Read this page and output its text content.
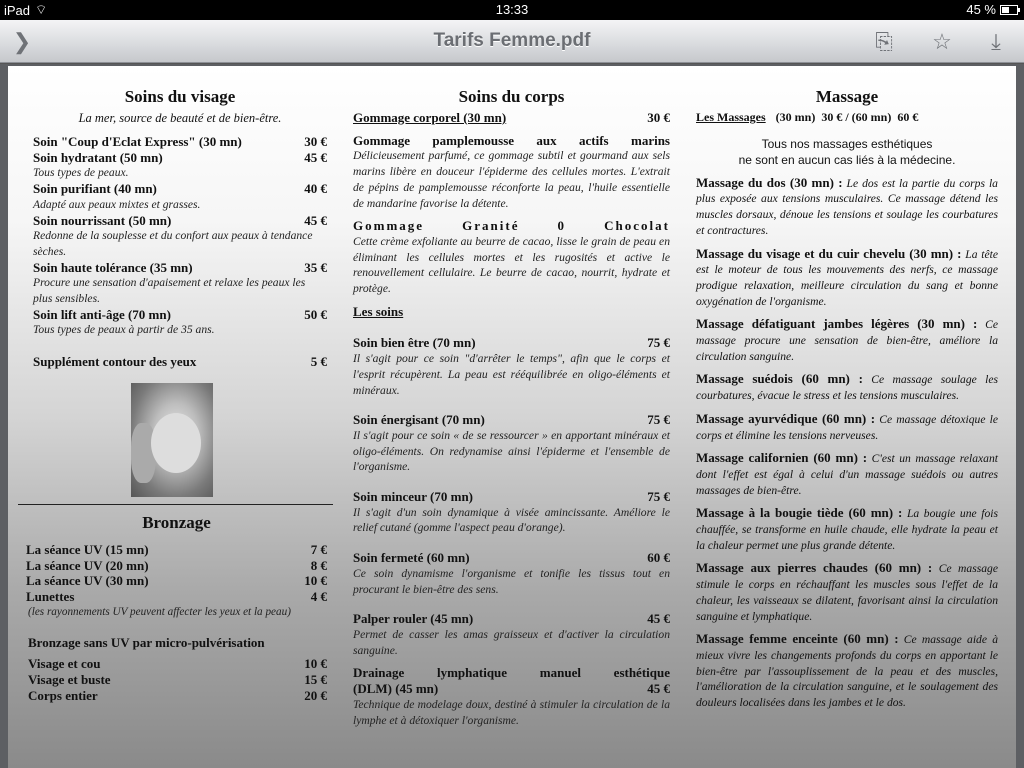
iPad ⌔	13:33	45 %
❯	Tarifs Femme.pdf	⎘ ☆	⤓
Soins du visage
La mer, source de beauté et de bien-être.
Soin "Coup d'Eclat Express" (30 mn)	30 €
Soin hydratant (50 mn)	45 €
Tous types de peaux.
Soin purifiant (40 mn)	40 €
Adapté aux peaux mixtes et grasses.
Soin nourrissant (50 mn)	45 €
Redonne de la souplesse et du confort aux peaux à tendance sèches.
Soin haute tolérance (35 mn)	35 €
Procure une sensation d'apaisement et relaxe les peaux les plus sensibles.
Soin lift anti-âge (70 mn)	50 €
Tous types de peaux à partir de 35 ans.
Supplément contour des yeux	5 €
Bronzage
La séance UV (15 mn)	7 €
La séance UV (20 mn)	8 €
La séance UV (30 mn)	10 €
Lunettes	4 €
(les rayonnements UV peuvent affecter les yeux et la peau)
Bronzage sans UV par micro-pulvérisation
Visage et cou	10 €
Visage et buste	15 €
Corps entier	20 €
Soins du corps
Gommage corporel (30 mn)	30 €
Gommage pamplemousse aux actifs marins
Délicieusement parfumé, ce gommage subtil et gourmand aux sels marins libère en douceur l'épiderme des cellules mortes. L'extrait de pépins de pamplemousse réconforte la peau, l'huile essentielle de mandarine favorise la détente.
Gommage Granité 0 Chocolat
Cette crème exfoliante au beurre de cacao, lisse le grain de peau en éliminant les cellules mortes et les rugosités et active le renouvellement cellulaire. Le beurre de cacao, nourrit, hydrate et protège.
Les soins
Soin bien être (70 mn)	75 €
Il s'agit pour ce soin "d'arrêter le temps", afin que le corps et l'esprit récupèrent. La peau est rééquilibrée en oligo-éléments et minéraux.
Soin énergisant (70 mn)	75 €
Il s'agit pour ce soin « de se ressourcer » en apportant minéraux et oligo-éléments. On redynamise ainsi l'épiderme et l'ensemble de l'organisme.
Soin minceur (70 mn)	75 €
Il s'agit d'un soin dynamique à visée amincissante. Améliore le relief cutané (gomme l'aspect peau d'orange).
Soin fermeté (60 mn)	60 €
Ce soin dynamisme l'organisme et tonifie les tissus tout en procurant le bien-être des sens.
Palper rouler (45 mn)	45 €
Permet de casser les amas graisseux et d'activer la circulation sanguine.
Drainage lymphatique manuel esthétique
(DLM) (45 mn)	45 €
Technique de modelage doux, destiné à stimuler la circulation de la lymphe et à détoxiquer l'organisme.
Massage
Les Massages (30 mn)  30 € / (60 mn)  60 €
Tous nos massages esthétiques
ne sont en aucun cas liés à la médecine.
Massage du dos (30 mn) : Le dos est la partie du corps la plus exposée aux tensions musculaires. Ce massage détend les muscles dorsaux, dénoue les tensions et soulage les courbatures et contractures.
Massage du visage et du cuir chevelu (30 mn) : La tête est le moteur de tous les mouvements des nerfs, ce massage prodigue relaxation, meilleure circulation du sang et bonne oxygénation de l'organisme.
Massage défatiguant jambes légères (30 mn) : Ce massage procure une sensation de bien-être, améliore la circulation sanguine.
Massage suédois (60 mn) : Ce massage soulage les courbatures, évacue le stress et les tensions musculaires.
Massage ayurvédique (60 mn) : Ce massage détoxique le corps et élimine les tensions nerveuses.
Massage californien (60 mn) : C'est un massage relaxant dont l'effet est égal à celui d'un massage suédois ou autres massages de bien-être.
Massage à la bougie tiède (60 mn) : La bougie une fois chauffée, se transforme en huile chaude, elle hydrate la peau et la chaleur permet une plus grande détente.
Massage aux pierres chaudes (60 mn) : Ce massage stimule le corps en réchauffant les muscles sous l'effet de la chaleur, les vaisseaux se dilatent, favorisant ainsi la circulation sanguine et lymphatique.
Massage femme enceinte (60 mn) : Ce massage aide à mieux vivre les changements profonds du corps en apportant le bien-être par l'assouplissement de la peau et des muscles, l'amélioration de la circulation sanguine, et le soulagement des douleurs localisées dans les jambes et le dos.
